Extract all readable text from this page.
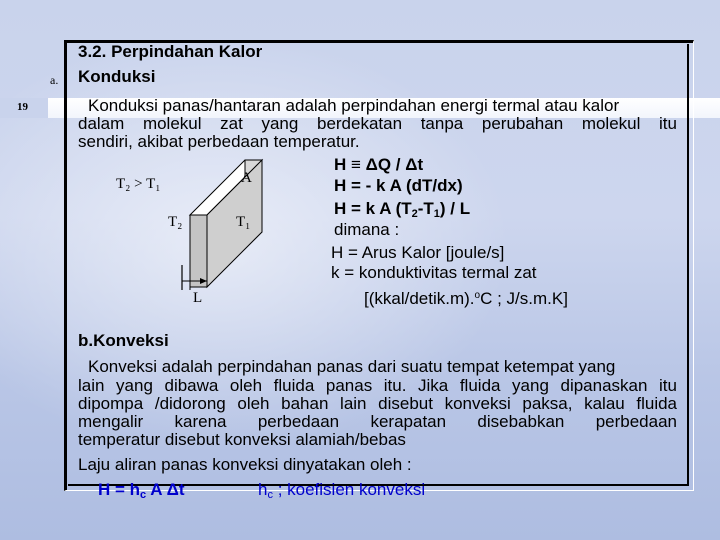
19
3.2. Perpindahan Kalor
a. Konduksi
Konduksi panas/hantaran adalah perpindahan energi termal atau kalor
dalam molekul zat yang berdekatan tanpa perubahan molekul itu
sendiri, akibat perbedaan temperatur.
T₂ > T₁	A
T₂	T₁
L
H ≡ ΔQ / Δt
H = - k A (dT/dx)
H = k A $(T_2-T_1)$ / L
dimana :
H = Arus Kalor [joule/s]
k = konduktivitas termal zat
[(kkal/detik.m).$^o$C ; J/s.m.K]
b.Konveksi
Konveksi adalah perpindahan panas dari suatu tempat ketempat yang
lain yang dibawa oleh fluida panas itu. Jika fluida yang dipanaskan itu
dipompa /didorong oleh bahan lain disebut konveksi paksa, kalau fluida
mengalir karena perbedaan kerapatan disebabkan perbedaan
temperatur disebut konveksi alamiah/bebas
Laju aliran panas konveksi dinyatakan oleh :
$H = h_c$ A Δt	$h_c$ ; koefisien konveksi
